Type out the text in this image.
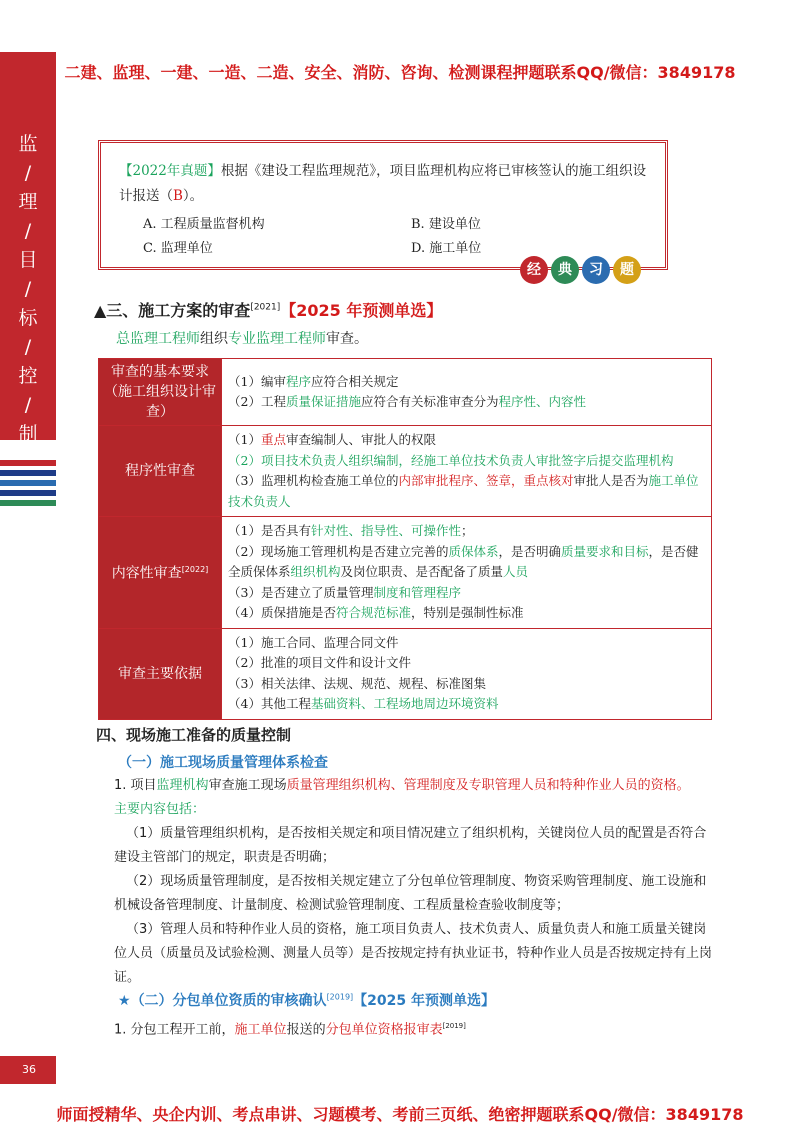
二建、监理、一建、一造、二造、安全、消防、咨询、检测课程押题联系QQ/微信：3849178
监
/
理
/
目
/
标
/
控
/
制
【2022年真题】根据《建设工程监理规范》，项目监理机构应将已审核签认的施工组织设
计报送（B）。
A. 工程质量监督机构	B. 建设单位
C. 监理单位	D. 施工单位
经	典	习	题
▲三、施工方案的审查[2021]【2025 年预测单选】
总监理工程师组织专业监理工程师审查。
审查的基本要求（施工组织设计审查）	（1）编审程序应符合相关规定
（2）工程质量保证措施应符合有关标准审查分为程序性、内容性

程序性审查	（1）重点审查编制人、审批人的权限
（2）项目技术负责人组织编制，经施工单位技术负责人审批签字后提交监理机构
（3）监理机构检查施工单位的内部审批程序、签章，重点核对审批人是否为施工单位技术负责人

内容性审查[2022]	（1）是否具有针对性、指导性、可操作性；
（2）现场施工管理机构是否建立完善的质保体系，是否明确质量要求和目标，是否健全质保体系组织机构及岗位职责、是否配备了质量人员
（3）是否建立了质量管理制度和管理程序
（4）质保措施是否符合规范标准，特别是强制性标准

审查主要依据	（1）施工合同、监理合同文件
（2）批准的项目文件和设计文件
（3）相关法律、法规、规范、规程、标准图集
（4）其他工程基础资料、工程场地周边环境资料
四、现场施工准备的质量控制
（一）施工现场质量管理体系检查
1. 项目监理机构审查施工现场质量管理组织机构、管理制度及专职管理人员和特种作业人员的资格。
主要内容包括：
（1）质量管理组织机构，是否按相关规定和项目情况建立了组织机构，关键岗位人员的配置是否符合建设主管部门的规定，职责是否明确；
（2）现场质量管理制度，是否按相关规定建立了分包单位管理制度、物资采购管理制度、施工设施和机械设备管理制度、计量制度、检测试验管理制度、工程质量检查验收制度等；
（3）管理人员和特种作业人员的资格，施工项目负责人、技术负责人、质量负责人和施工质量关键岗位人员（质量员及试验检测、测量人员等）是否按规定持有执业证书，特种作业人员是否按规定持有上岗证。
★（二）分包单位资质的审核确认[2019]【2025 年预测单选】
1. 分包工程开工前，施工单位报送的分包单位资格报审表[2019]
36
师面授精华、央企内训、考点串讲、习题模考、考前三页纸、绝密押题联系QQ/微信：3849178
